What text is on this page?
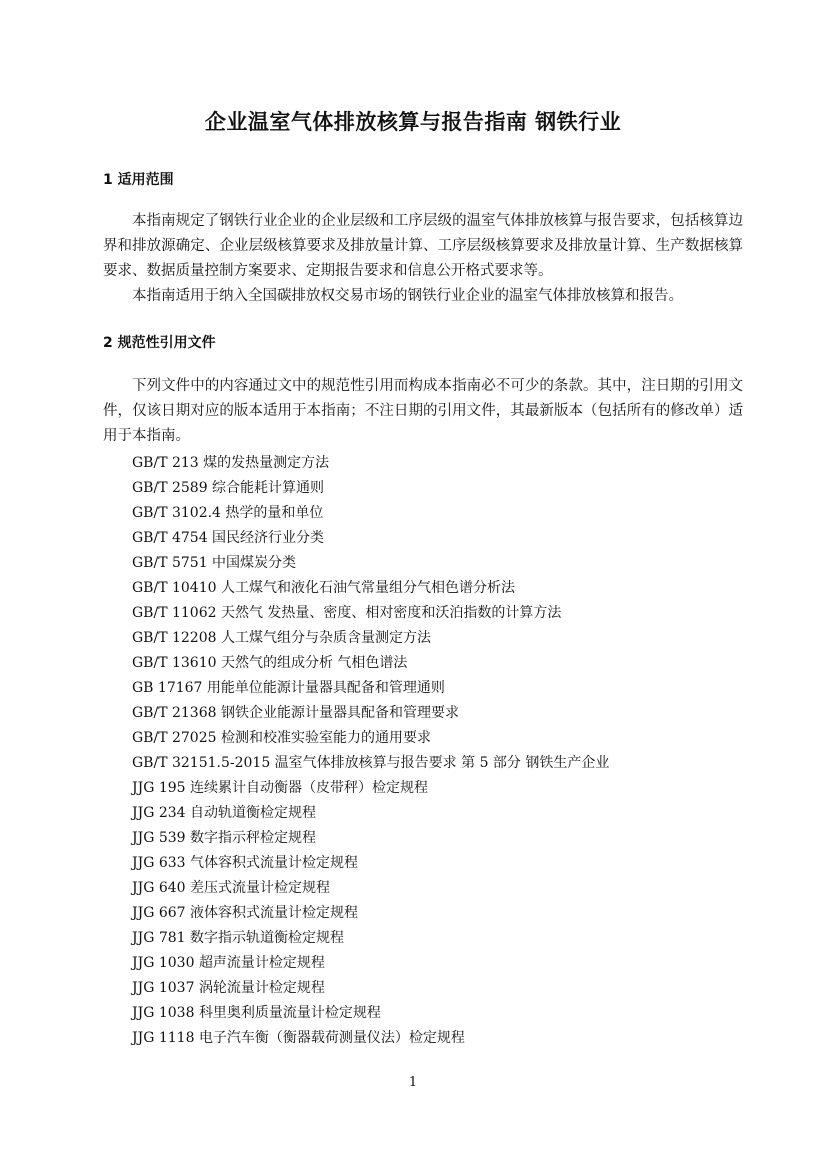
企业温室气体排放核算与报告指南 钢铁行业
1 适用范围
本指南规定了钢铁行业企业的企业层级和工序层级的温室气体排放核算与报告要求，包括核算边界和排放源确定、企业层级核算要求及排放量计算、工序层级核算要求及排放量计算、生产数据核算要求、数据质量控制方案要求、定期报告要求和信息公开格式要求等。
本指南适用于纳入全国碳排放权交易市场的钢铁行业企业的温室气体排放核算和报告。
2 规范性引用文件
下列文件中的内容通过文中的规范性引用而构成本指南必不可少的条款。其中，注日期的引用文件，仅该日期对应的版本适用于本指南；不注日期的引用文件，其最新版本（包括所有的修改单）适用于本指南。
GB/T 213 煤的发热量测定方法
GB/T 2589 综合能耗计算通则
GB/T 3102.4 热学的量和单位
GB/T 4754 国民经济行业分类
GB/T 5751 中国煤炭分类
GB/T 10410 人工煤气和液化石油气常量组分气相色谱分析法
GB/T 11062 天然气 发热量、密度、相对密度和沃泊指数的计算方法
GB/T 12208 人工煤气组分与杂质含量测定方法
GB/T 13610 天然气的组成分析 气相色谱法
GB 17167 用能单位能源计量器具配备和管理通则
GB/T 21368 钢铁企业能源计量器具配备和管理要求
GB/T 27025 检测和校准实验室能力的通用要求
GB/T 32151.5-2015 温室气体排放核算与报告要求 第 5 部分 钢铁生产企业
JJG 195 连续累计自动衡器（皮带秤）检定规程
JJG 234 自动轨道衡检定规程
JJG 539 数字指示秤检定规程
JJG 633 气体容积式流量计检定规程
JJG 640 差压式流量计检定规程
JJG 667 液体容积式流量计检定规程
JJG 781 数字指示轨道衡检定规程
JJG 1030 超声流量计检定规程
JJG 1037 涡轮流量计检定规程
JJG 1038 科里奥利质量流量计检定规程
JJG 1118 电子汽车衡（衡器载荷测量仪法）检定规程
1
